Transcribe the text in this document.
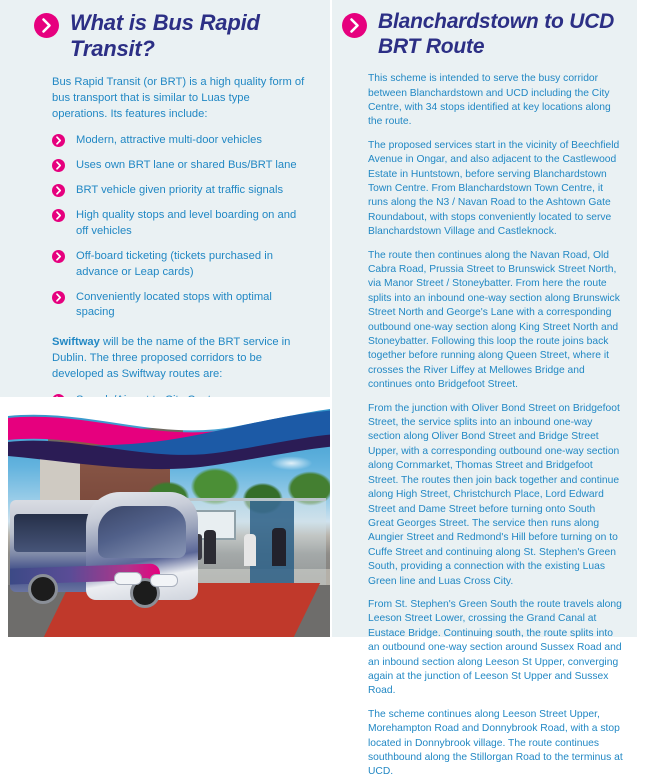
What is Bus Rapid Transit?

Bus Rapid Transit (or BRT) is a high quality form of bus transport that is similar to Luas type operations. Its features include:

Modern, attractive multi-door vehicles
Uses own BRT lane or shared Bus/BRT lane
BRT vehicle given priority at traffic signals
High quality stops and level boarding on and off vehicles
Off-board ticketing (tickets purchased in advance or Leap cards)
Conveniently located stops with optimal spacing

Swiftway will be the name of the BRT service in Dublin. The three proposed corridors to be developed as Swiftway routes are:

Blanchardstown to UCD BRT Route

This scheme is intended to serve the busy corridor between Blanchardstown and UCD including the City Centre, with 34 stops identified at key locations along the route.

The proposed services start in the vicinity of Beechfield Avenue in Ongar, and also adjacent to the Castlewood Estate in Huntstown, before serving Blanchardstown Town Centre. From Blanchardstown Town Centre, it runs along the N3 / Navan Road to the Ashtown Gate Roundabout, with stops conveniently located to serve Blanchardstown Village and Castleknock.

The route then continues along the Navan Road, Old Cabra Road, Prussia Street to Brunswick Street North, via Manor Street / Stoneybatter. From here the route splits into an inbound one-way section along Brunswick Street North and George's Lane with a corresponding outbound one-way section along King Street North and Stoneybatter. Following this loop the route joins back together before running along Queen Street, where it crosses the River Liffey at Mellowes Bridge and continues onto Bridgefoot Street.

From the junction with Oliver Bond Street on Bridgefoot Street, the service splits into an inbound one-way section along Oliver Bond Street and Bridge Street Upper, with a corresponding outbound one-way section along Cornmarket, Thomas Street and Bridgefoot Street. The routes then join back together and continue along High Street, Christchurch Place, Lord Edward Street and Dame Street before turning onto South Great Georges Street. The service then runs along Aungier Street and Redmond's Hill before turning on to Cuffe Street and continuing along St. Stephen's Green South, providing a connection with the existing Luas Green line and Luas Cross City.

From St. Stephen's Green South the route travels along Leeson Street Lower, crossing the Grand Canal at Eustace Bridge. Continuing south, the route splits into an outbound one-way section around Sussex Road and an inbound section along Leeson St Upper, converging again at the junction of Leeson St Upper and Sussex Road.

The scheme continues along Leeson Street Upper, Morehampton Road and Donnybrook Road, with a stop located in Donnybrook village. The route continues southbound along the Stillorgan Road to the terminus at UCD.
